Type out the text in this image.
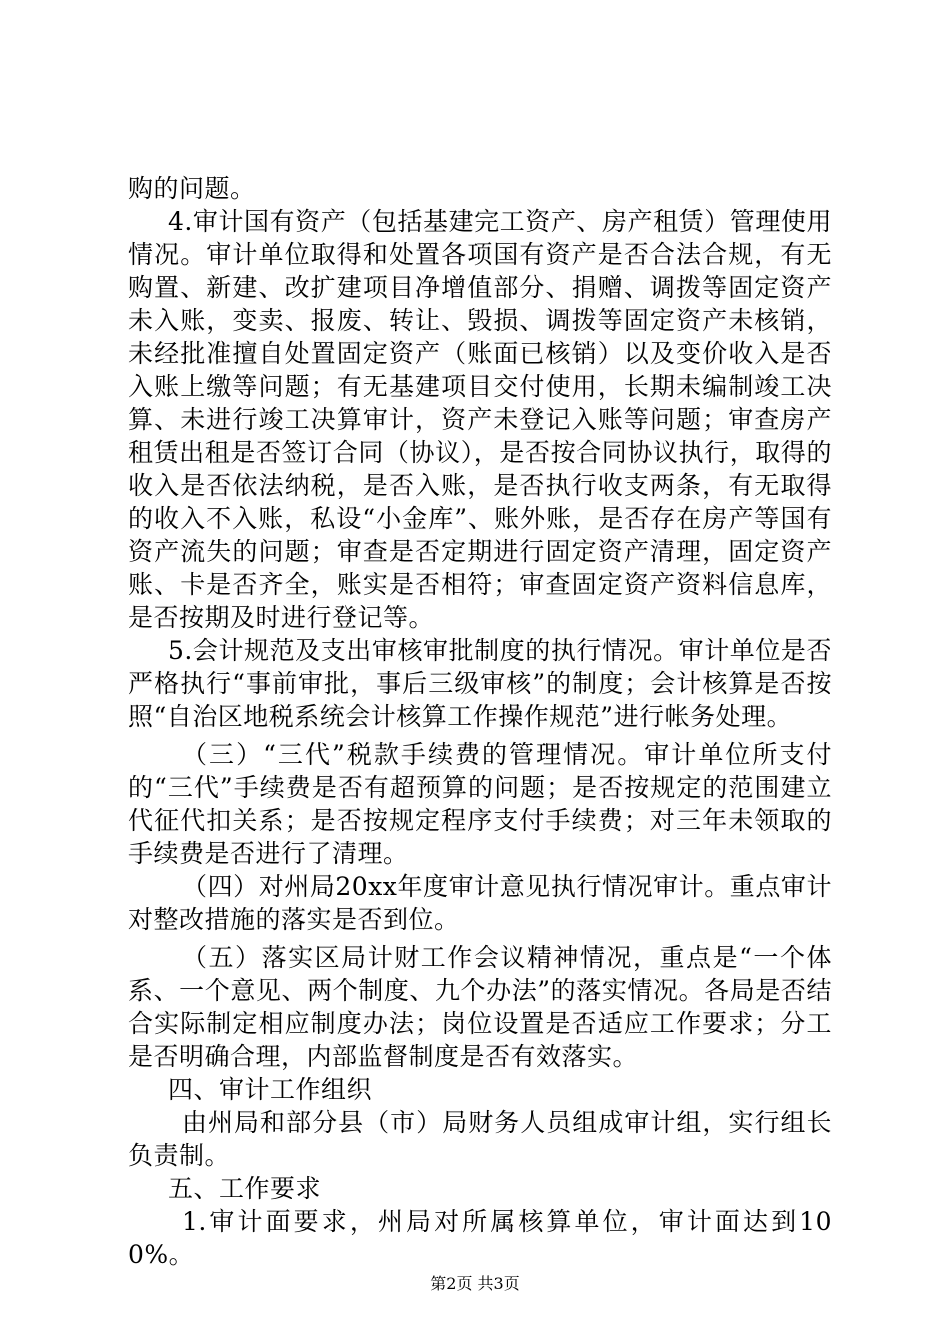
购的问题。

4.审计国有资产（包括基建完工资产、房产租赁）管理使用情况。审计单位取得和处置各项国有资产是否合法合规，有无购置、新建、改扩建项目净增值部分、捐赠、调拨等固定资产未入账，变卖、报废、转让、毁损、调拨等固定资产未核销，未经批准擅自处置固定资产（账面已核销）以及变价收入是否入账上缴等问题；有无基建项目交付使用，长期未编制竣工决算、未进行竣工决算审计，资产未登记入账等问题；审查房产租赁出租是否签订合同（协议），是否按合同协议执行，取得的收入是否依法纳税，是否入账，是否执行收支两条，有无取得的收入不入账，私设“小金库”、账外账，是否存在房产等国有资产流失的问题；审查是否定期进行固定资产清理，固定资产账、卡是否齐全，账实是否相符；审查固定资产资料信息库，是否按期及时进行登记等。

5.会计规范及支出审核审批制度的执行情况。审计单位是否严格执行“事前审批，事后三级审核”的制度；会计核算是否按照“自治区地税系统会计核算工作操作规范”进行帐务处理。

（三）“三代”税款手续费的管理情况。审计单位所支付的“三代”手续费是否有超预算的问题；是否按规定的范围建立代征代扣关系；是否按规定程序支付手续费；对三年未领取的手续费是否进行了清理。

（四）对州局20xx年度审计意见执行情况审计。重点审计对整改措施的落实是否到位。

（五）落实区局计财工作会议精神情况，重点是“一个体系、一个意见、两个制度、九个办法”的落实情况。各局是否结合实际制定相应制度办法；岗位设置是否适应工作要求；分工是否明确合理，内部监督制度是否有效落实。

四、审计工作组织

由州局和部分县（市）局财务人员组成审计组，实行组长负责制。

五、工作要求

1.审计面要求，州局对所属核算单位，审计面达到100%。

第2页 共3页
